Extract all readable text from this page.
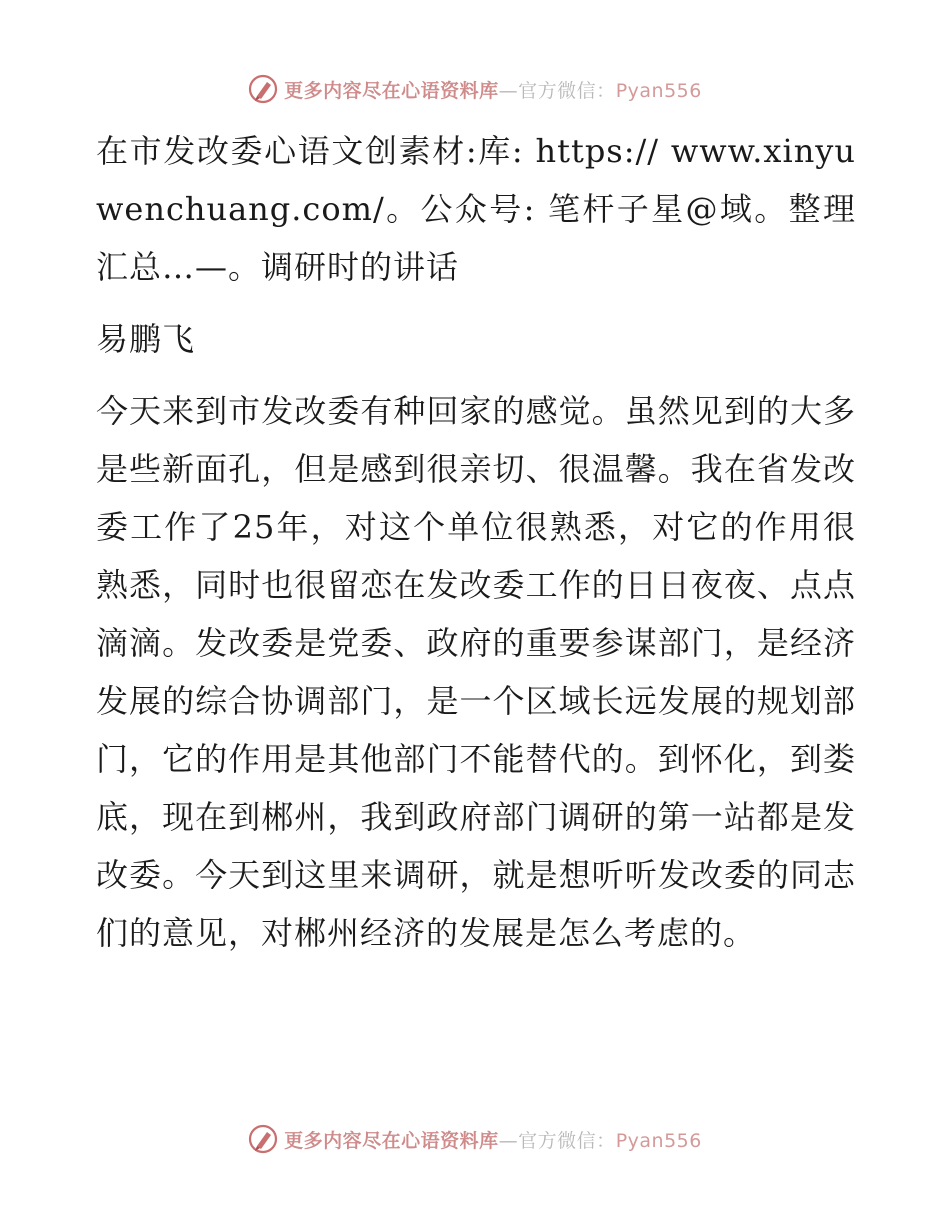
更多内容尽在心语资料库—官方微信：Pyan556

在市发改委心语文创素材:库: https:// www.xinyuwenchuang.com/。公众号: 笔杆子星@域。整理汇总…—。调研时的讲话

易鹏飞

今天来到市发改委有种回家的感觉。虽然见到的大多是些新面孔，但是感到很亲切、很温馨。我在省发改委工作了25年，对这个单位很熟悉，对它的作用很熟悉，同时也很留恋在发改委工作的日日夜夜、点点滴滴。发改委是党委、政府的重要参谋部门，是经济发展的综合协调部门，是一个区域长远发展的规划部门，它的作用是其他部门不能替代的。到怀化，到娄底，现在到郴州，我到政府部门调研的第一站都是发改委。今天到这里来调研，就是想听听发改委的同志们的意见，对郴州经济的发展是怎么考虑的。

更多内容尽在心语资料库—官方微信：Pyan556
